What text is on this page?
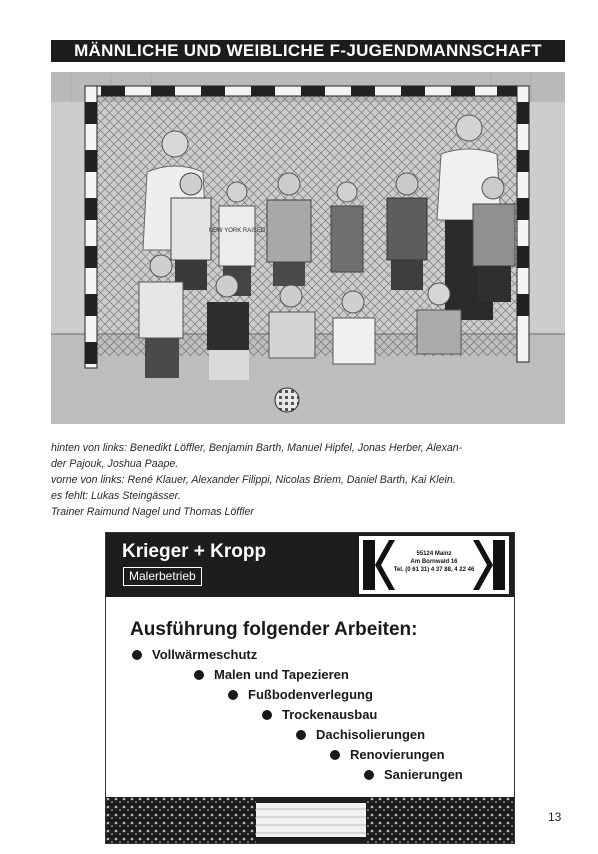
MÄNNLICHE UND WEIBLICHE F-JUGENDMANNSCHAFT
NEW YORK RAISED
hinten von links: Benedikt Löffler, Benjamin Barth, Manuel Hipfel, Jonas Herber, Alexan-
der Pajouk, Joshua Paape.
vorne von links: René Klauer, Alexander Filippi, Nicolas Briem, Daniel Barth, Kai Klein.
es fehlt: Lukas Steingässer.
Trainer Raimund Nagel und Thomas Löffler
Krieger + Kropp
Malerbetrieb
55124 Mainz
Am Bornwald 16
Tel. (0 61 31) 4 37 88, 4 22 46
Ausführung folgender Arbeiten:
Vollwärmeschutz
Malen und Tapezieren
Fußbodenverlegung
Trockenausbau
Dachisolierungen
Renovierungen
Sanierungen
13
